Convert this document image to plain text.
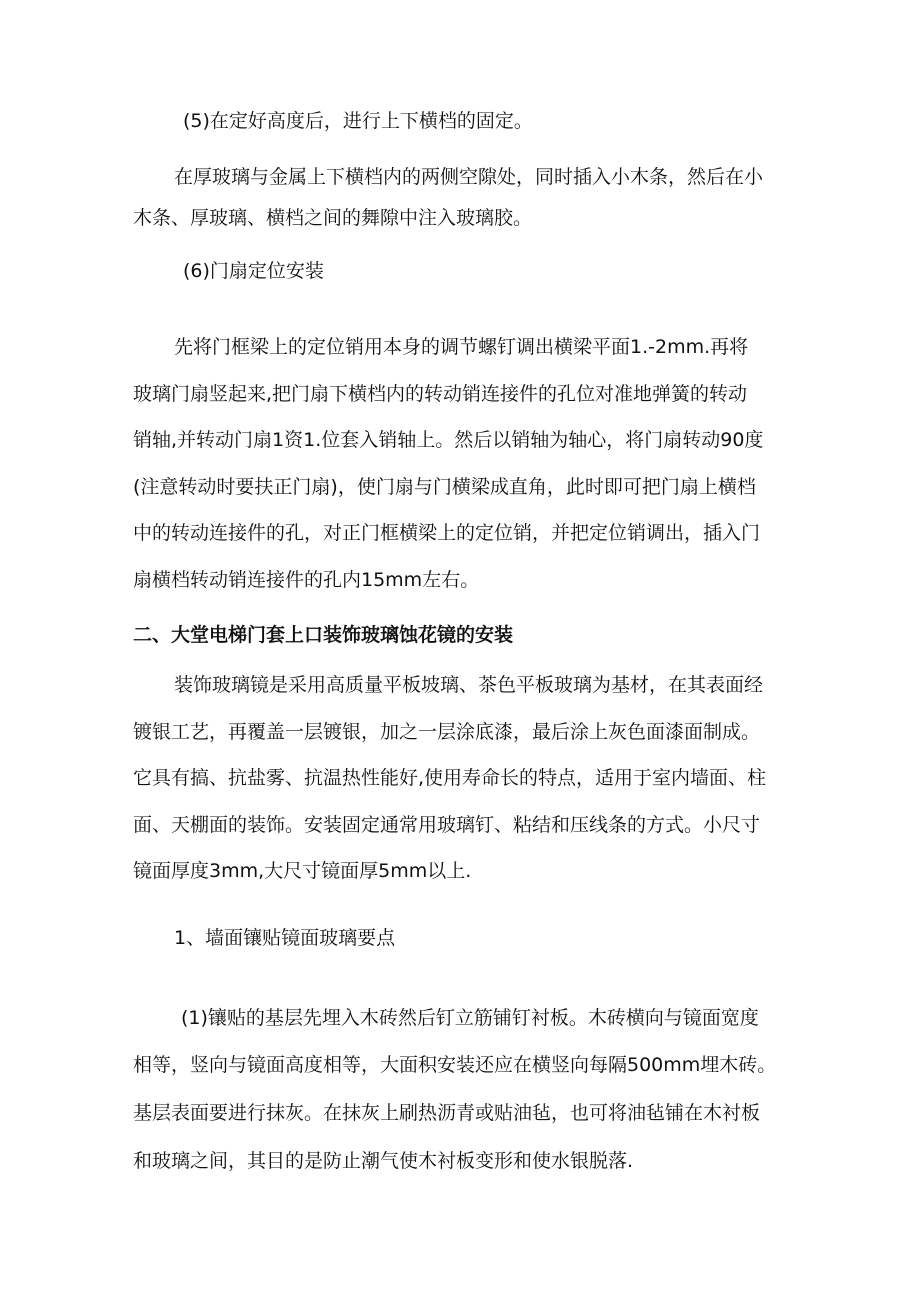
(5)在定好高度后，进行上下横档的固定。
在厚玻璃与金属上下横档内的两侧空隙处，同时插入小木条，然后在小
木条、厚玻璃、横档之间的舞隙中注入玻璃胶。
(6)门扇定位安装
先将门框梁上的定位销用本身的调节螺钉调出横梁平面1.-2mm.再将
玻璃门扇竖起来,把门扇下横档内的转动销连接件的孔位对准地弹簧的转动
销轴,并转动门扇1资1.位套入销轴上。然后以销轴为轴心，将门扇转动90度
(注意转动时要扶正门扇)，使门扇与门横梁成直角，此时即可把门扇上横档
中的转动连接件的孔，对正门框横梁上的定位销，并把定位销调出，插入门
扇横档转动销连接件的孔内15mm左右。
二、大堂电梯门套上口装饰玻璃蚀花镜的安装
装饰玻璃镜是采用高质量平板坡璃、茶色平板玻璃为基材，在其表面经
镀银工艺，再覆盖一层镀银，加之一层涂底漆，最后涂上灰色面漆面制成。
它具有搞、抗盐雾、抗温热性能好,使用寿命长的特点，适用于室内墙面、柱
面、天棚面的装饰。安装固定通常用玻璃钉、粘结和压线条的方式。小尺寸
镜面厚度3mm,大尺寸镜面厚5mm以上.
1、墙面镶贴镜面玻璃要点
(1)镶贴的基层先埋入木砖然后钉立筋铺钉衬板。木砖横向与镜面宽度
相等，竖向与镜面高度相等，大面积安装还应在横竖向每隔500mm埋木砖。
基层表面要进行抹灰。在抹灰上刷热沥青或贴油毡，也可将油毡铺在木衬板
和玻璃之间，其目的是防止潮气使木衬板变形和使水银脱落.
